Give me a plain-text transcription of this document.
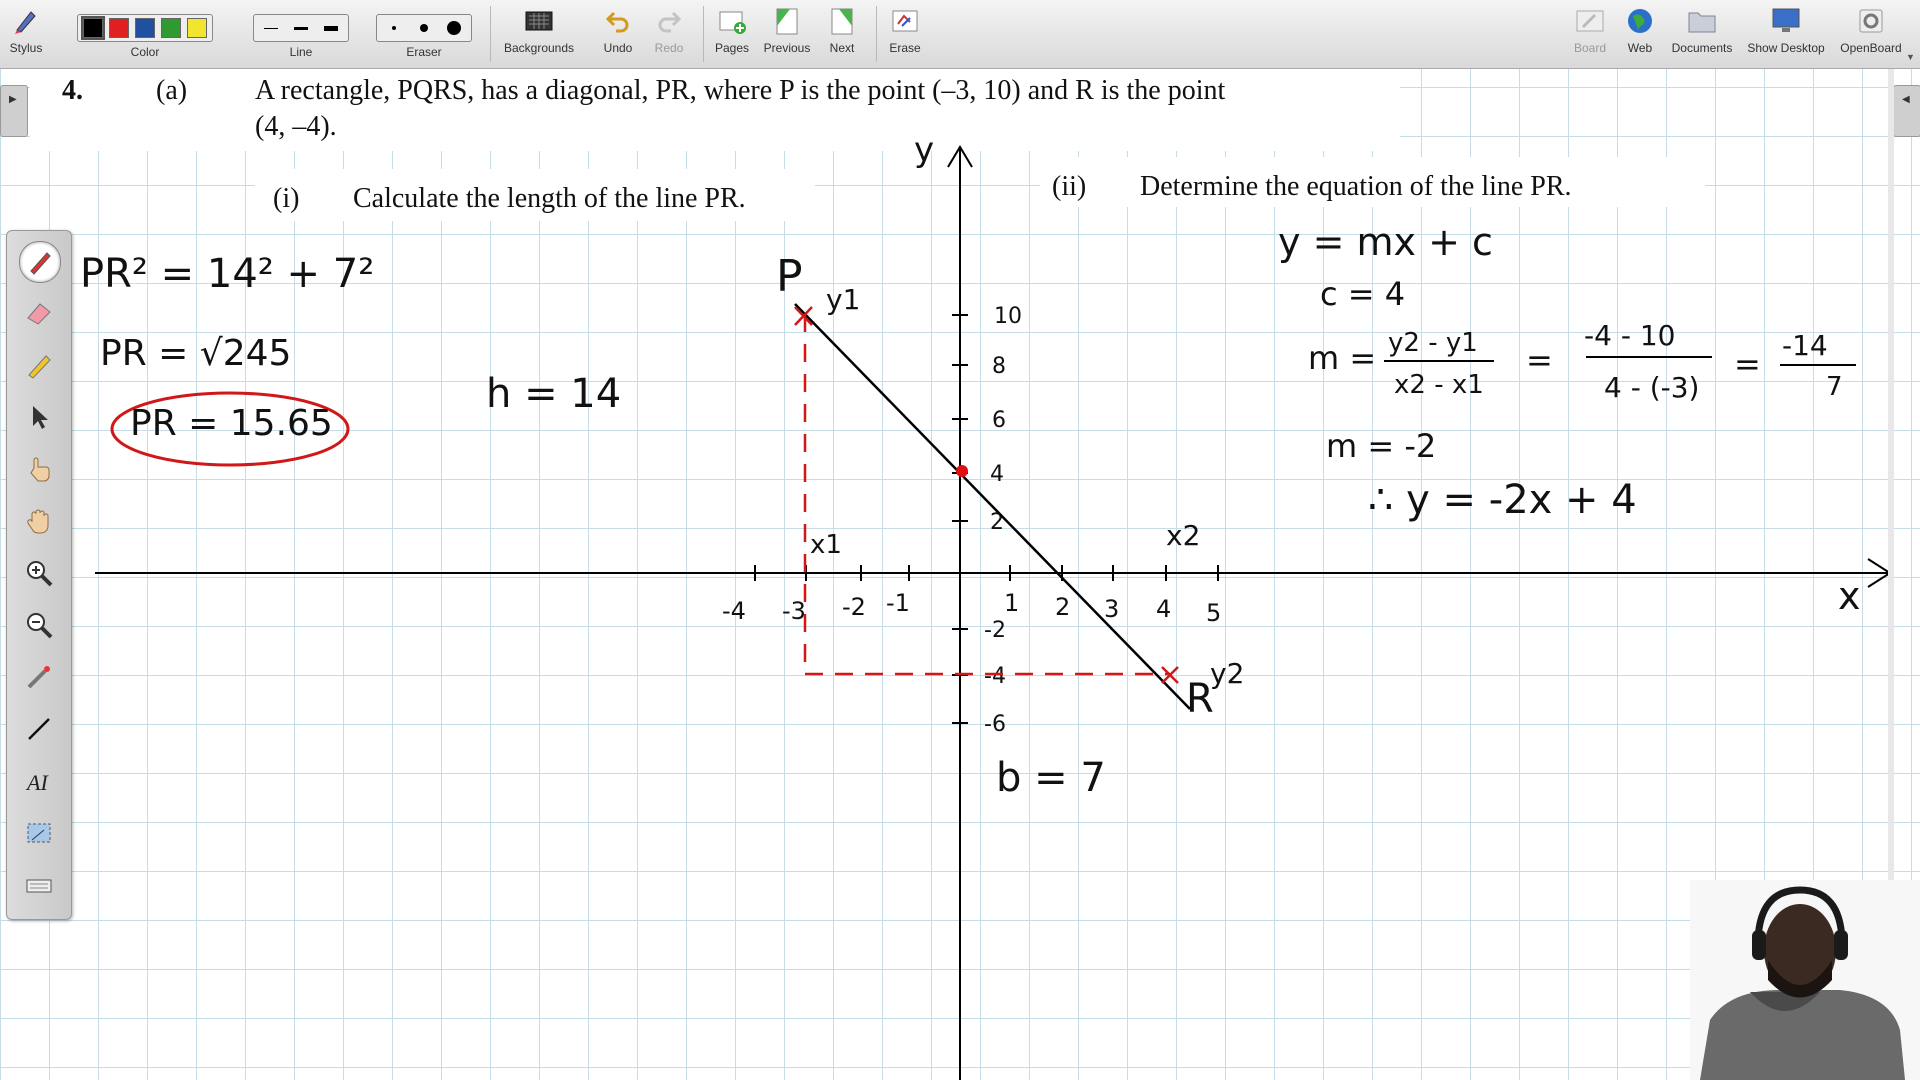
Stylus	Color	Line	Eraser	Backgrounds Undo Redo	Pages Previous Next	Erase	Board Web Documents Show Desktop OpenBoard
▼
4.	(a) A rectangle, PQRS, has a diagonal, PR, where P is the point (–3, 10) and R is the point
(4, –4).
(i) Calculate the length of the line PR.	(ii) Determine the equation of the line PR.
x
y
-4 -3 -2 -1	1 2 3 4 5
10
8
6
4
2
-2
-4
-6
P y1
x1	x2
y2
R
PR² = 14² + 7²
PR = √245
PR = 15.65
h = 14
b = 7
y = mx + c
c = 4
m = y2 - y1
x2 - x1
=
-4 - 10
4 - (-3)
= -14
7
m = -2
∴ y = -2x + 4
▶	◀
AI
